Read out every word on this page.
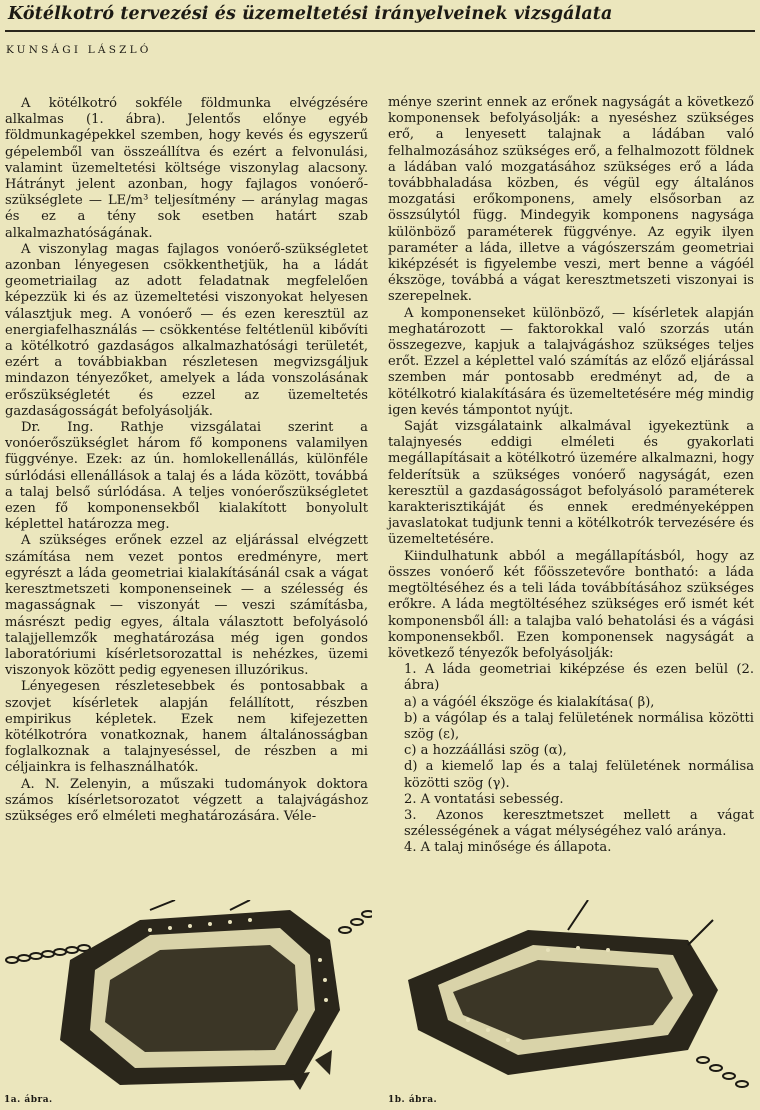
Kötélkotró tervezési és üzemeltetési irányelveinek vizsgálata
KUNSÁGI LÁSZLÓ

A kötélkotró sokféle földmunka elvégzésére alkalmas (1. ábra). Jelentős előnye egyéb földmunkagépekkel szemben, hogy kevés és egyszerű gépelemből van összeállítva és ezért a felvonulási, valamint üzemeltetési költsége viszonylag alacsony. Hátrányt jelent azonban, hogy fajlagos vonóerő-szükséglete — LE/m³ teljesítmény — aránylag magas és ez a tény sok esetben határt szab alkalmazhatóságának.

A viszonylag magas fajlagos vonóerő-szükségletet azonban lényegesen csökkenthetjük, ha a ládát geometriailag az adott feladatnak megfelelően képezzük ki és az üzemeltetési viszonyokat helyesen választjuk meg. A vonóerő — és ezen keresztül az energiafelhasználás — csökkentése feltétlenül kibővíti a kötélkotró gazdaságos alkalmazhatósági területét, ezért a továbbiakban részletesen megvizsgáljuk mindazon tényezőket, amelyek a láda vonszolásának erőszükségletét és ezzel az üzemeltetés gazdaságosságát befolyásolják.

Dr. Ing. Rathje vizsgálatai szerint a vonóerőszükséglet három fő komponens valamilyen függvénye. Ezek: az ún. homlokellenállás, különféle súrlódási ellenállások a talaj és a láda között, továbbá a talaj belső súrlódása. A teljes vonóerőszükségletet ezen fő komponensekből kialakított bonyolult képlettel határozza meg.

A szükséges erőnek ezzel az eljárással elvégzett számítása nem vezet pontos eredményre, mert egyrészt a láda geometriai kialakításánál csak a vágat keresztmetszeti komponenseinek — a szélesség és magasságnak — viszonyát — veszi számításba, másrészt pedig egyes, általa választott befolyásoló talajjellemzők meghatározása még igen gondos laboratóriumi kísérletsorozattal is nehézkes, üzemi viszonyok között pedig egyenesen illuzórikus.

Lényegesen részletesebbek és pontosabbak a szovjet kísérletek alapján felállított, részben empirikus képletek. Ezek nem kifejezetten kötélkotróra vonatkoznak, hanem általánosságban foglalkoznak a talajnyeséssel, de részben a mi céljainkra is felhasználhatók.

A. N. Zelenyin, a műszaki tudományok doktora számos kísérletsorozatot végzett a talajvágáshoz szükséges erő elméleti meghatározására. Véle-

ménye szerint ennek az erőnek nagyságát a következő komponensek befolyásolják: a nyeséshez szükséges erő, a lenyesett talajnak a ládában való felhalmozásához szükséges erő, a felhalmozott földnek a ládában való mozgatásához szükséges erő a láda továbbhaladása közben, és végül egy általános mozgatási erőkomponens, amely elsősorban az összsúlytól függ. Mindegyik komponens nagysága különböző paraméterek függvénye. Az egyik ilyen paraméter a láda, illetve a vágószerszám geometriai kiképzését is figyelembe veszi, mert benne a vágóél ékszöge, továbbá a vágat keresztmetszeti viszonyai is szerepelnek.

A komponenseket különböző, — kísérletek alapján meghatározott — faktorokkal való szorzás után összegezve, kapjuk a talajvágáshoz szükséges teljes erőt. Ezzel a képlettel való számítás az előző eljárással szemben már pontosabb eredményt ad, de a kötélkotró kialakítására és üzemeltetésére még mindig igen kevés támpontot nyújt.

Saját vizsgálataink alkalmával igyekeztünk a talajnyesés eddigi elméleti és gyakorlati megállapításait a kötélkotró üzemére alkalmazni, hogy felderítsük a szükséges vonóerő nagyságát, ezen keresztül a gazdaságosságot befolyásoló paraméterek karakterisztikáját és ennek eredményeképpen javaslatokat tudjunk tenni a kötélkotrók tervezésére és üzemeltetésére.

Kiindulhatunk abból a megállapításból, hogy az összes vonóerő két főösszetevőre bontható: a láda megtöltéséhez és a teli láda továbbításához szükséges erőkre. A láda megtöltéséhez szükséges erő ismét két komponensből áll: a talajba való behatolási és a vágási komponensekből. Ezen komponensek nagyságát a következő tényezők befolyásolják:

1. A láda geometriai kiképzése és ezen belül (2. ábra)

a) a vágóél ékszöge és kialakítása( β),

b) a vágólap és a talaj felületének normálisa közötti szög (ε),

c) a hozzáállási szög (α),

d) a kiemelő lap és a talaj felületének normálisa közötti szög (γ).

2. A vontatási sebesség.

3. Azonos keresztmetszet mellett a vágat szélességének a vágat mélységéhez való aránya.

4. A talaj minősége és állapota.

1a. ábra.	1b. ábra.
